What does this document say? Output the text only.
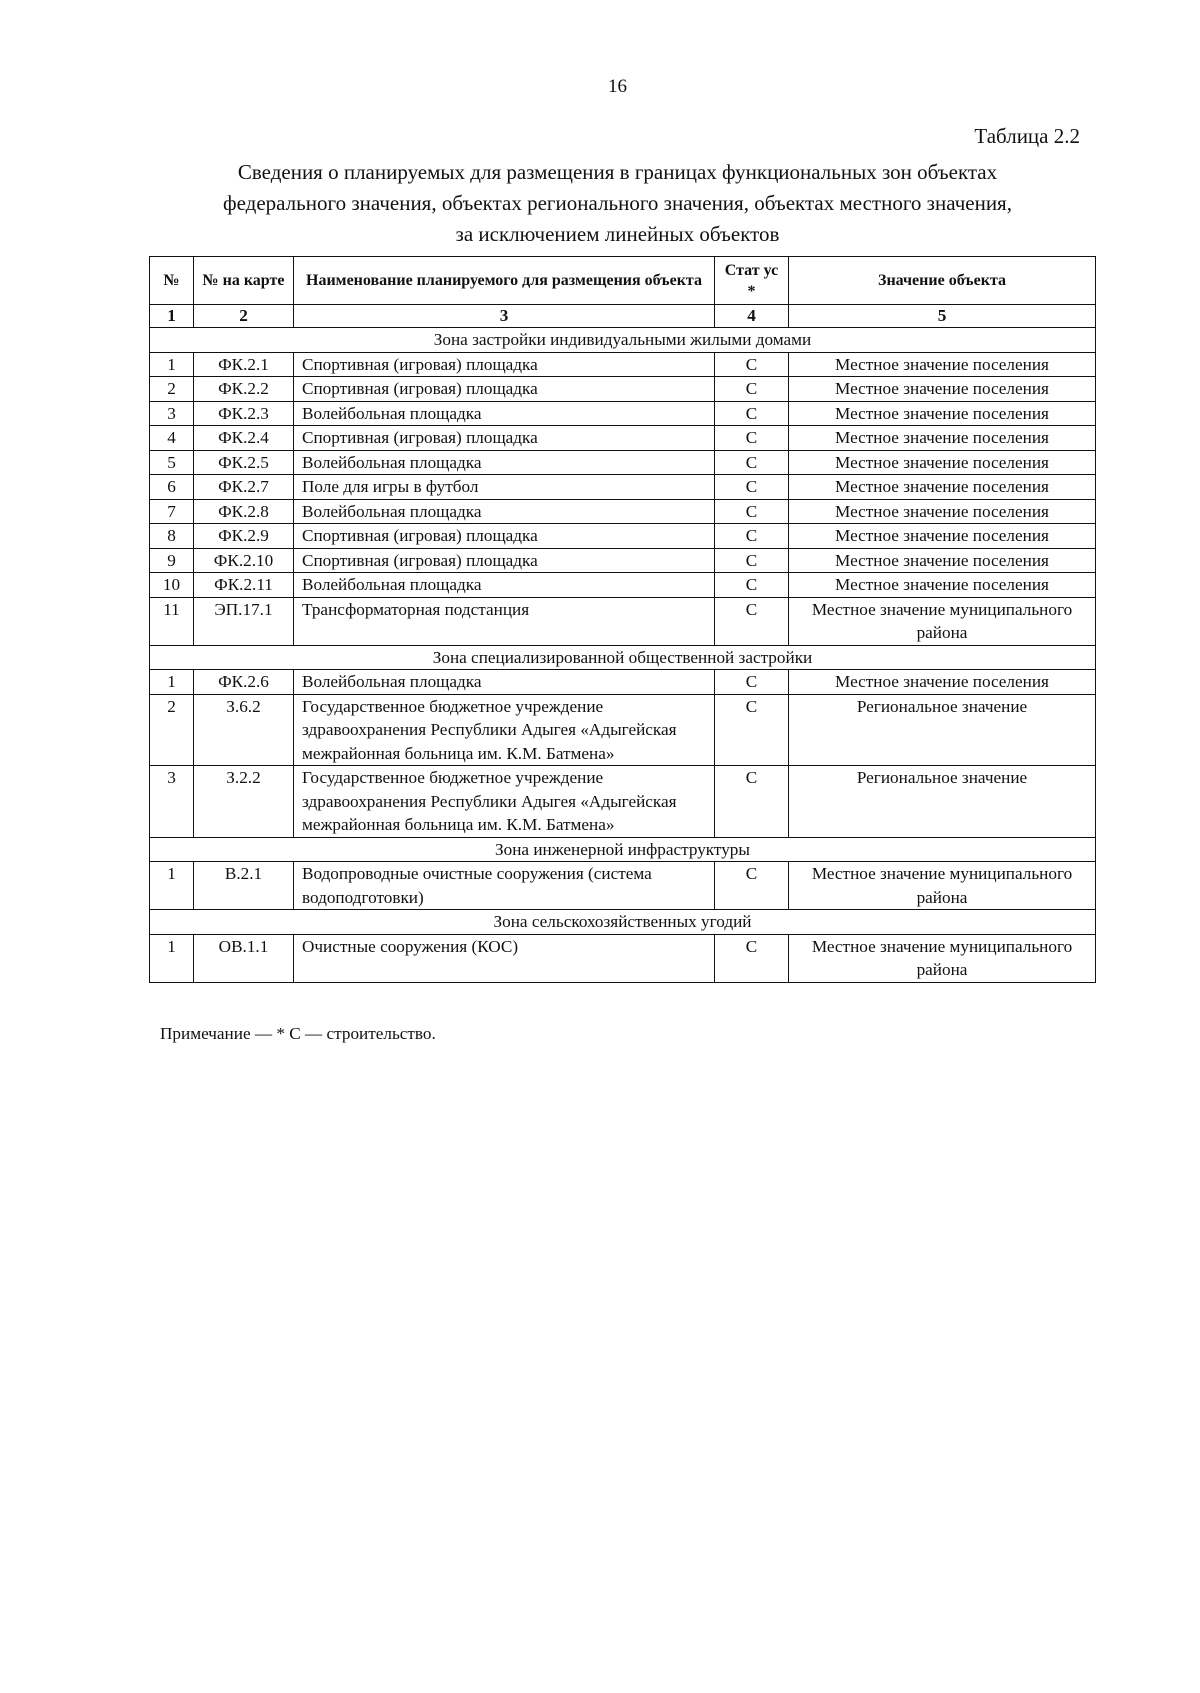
16
Таблица 2.2
Сведения о планируемых для размещения в границах функциональных зон объектах
федерального значения, объектах регионального значения, объектах местного значения,
за исключением линейных объектов
№	№ на карте	Наименование планируемого для размещения объекта	Стат ус *	Значение объекта
1	2	3	4	5
Зона застройки индивидуальными жилыми домами				
1	ФК.2.1	Спортивная (игровая) площадка	С	Местное значение поселения
2	ФК.2.2	Спортивная (игровая) площадка	С	Местное значение поселения
3	ФК.2.3	Волейбольная площадка	С	Местное значение поселения
4	ФК.2.4	Спортивная (игровая) площадка	С	Местное значение поселения
5	ФК.2.5	Волейбольная площадка	С	Местное значение поселения
6	ФК.2.7	Поле для игры в футбол	С	Местное значение поселения
7	ФК.2.8	Волейбольная площадка	С	Местное значение поселения
8	ФК.2.9	Спортивная (игровая) площадка	С	Местное значение поселения
9	ФК.2.10	Спортивная (игровая) площадка	С	Местное значение поселения
10	ФК.2.11	Волейбольная площадка	С	Местное значение поселения
11	ЭП.17.1	Трансформаторная подстанция	С	Местное значение муниципального района
Зона специализированной общественной застройки				
1	ФК.2.6	Волейбольная площадка	С	Местное значение поселения
2	З.6.2	Государственное бюджетное учреждение здравоохранения Республики Адыгея «Адыгейская межрайонная больница им. К.М. Батмена»	С	Региональное значение
3	З.2.2	Государственное бюджетное учреждение здравоохранения Республики Адыгея «Адыгейская межрайонная больница им. К.М. Батмена»	С	Региональное значение
Зона инженерной инфраструктуры				
1	В.2.1	Водопроводные очистные сооружения (система водоподготовки)	С	Местное значение муниципального района
Зона сельскохозяйственных угодий				
1	ОВ.1.1	Очистные сооружения (КОС)	С	Местное значение муниципального района
Примечание — * С — строительство.
